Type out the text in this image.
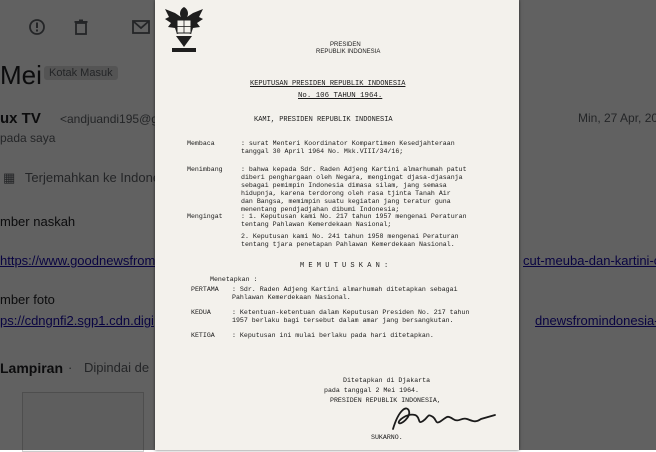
PRESIDEN
REPUBLIK INDONESIA
KEPUTUSAN PRESIDEN REPUBLIK INDONESIA
No. 106 TAHUN 1964.
KAMI, PRESIDEN REPUBLIK INDONESIA
Membaca	: surat Menteri Koordinator Kompartimen Kesedjahteraan
tanggal 30 April 1964 No. Mkk.VIII/34/16;
Menimbang	: bahwa kepada Sdr. Raden Adjeng Kartini almarhumah patut
diberi penghargaan oleh Negara, mengingat djasa-djasanja
sebagai pemimpin Indonesia dimasa silam, jang semasa
hidupnja, karena terdorong oleh rasa tjinta Tanah Air
dan Bangsa, memimpin suatu kegiatan jang teratur guna
menentang pendjadjahan dibumi Indonesia;
Mengingat	: 1. Keputusan kami No. 217 tahun 1957 mengenai Peraturan
tentang Pahlawan Kemerdekaan Nasional;
2. Keputusan kami No. 241 tahun 1958 mengenai Peraturan
tentang tjara penetapan Pahlawan Kemerdekaan Nasional.
M E M U T U S K A N :
Menetapkan :
PERTAMA : Sdr. Raden Adjeng Kartini almarhumah ditetapkan sebagai
Pahlawan Kemerdekaan Nasional.
KEDUA	: Ketentuan-ketentuan dalam Keputusan Presiden No. 217 tahun
1957 berlaku bagi tersebut dalam amar jang bersangkutan.
KETIGA	: Keputusan ini mulai berlaku pada hari ditetapkan.
Ditetapkan di Djakarta
pada tanggal 2 Mei 1964.
PRESIDEN REPUBLIK INDONESIA,
SUKARNO.
